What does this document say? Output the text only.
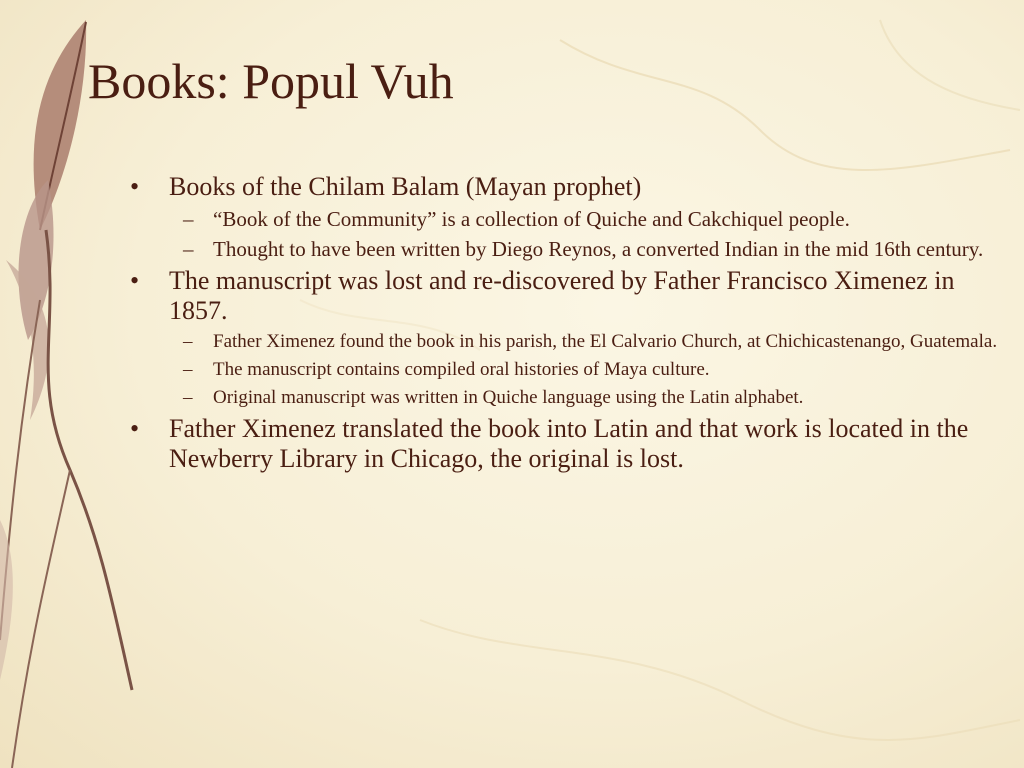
Books: Popul Vuh
• Books of the Chilam Balam (Mayan prophet)
– “Book of the Community” is a collection of Quiche and Cakchiquel people.
– Thought to have been written by Diego Reynos, a converted Indian in the mid 16th century.
• The manuscript was lost and re-discovered by Father Francisco Ximenez in 1857.
– Father Ximenez found the book in his parish, the El Calvario Church, at Chichicastenango, Guatemala.
– The manuscript contains compiled oral histories of Maya culture.
– Original manuscript was written in Quiche language using the Latin alphabet.
• Father Ximenez translated the book into Latin and that work is located in the Newberry Library in Chicago, the original is lost.
